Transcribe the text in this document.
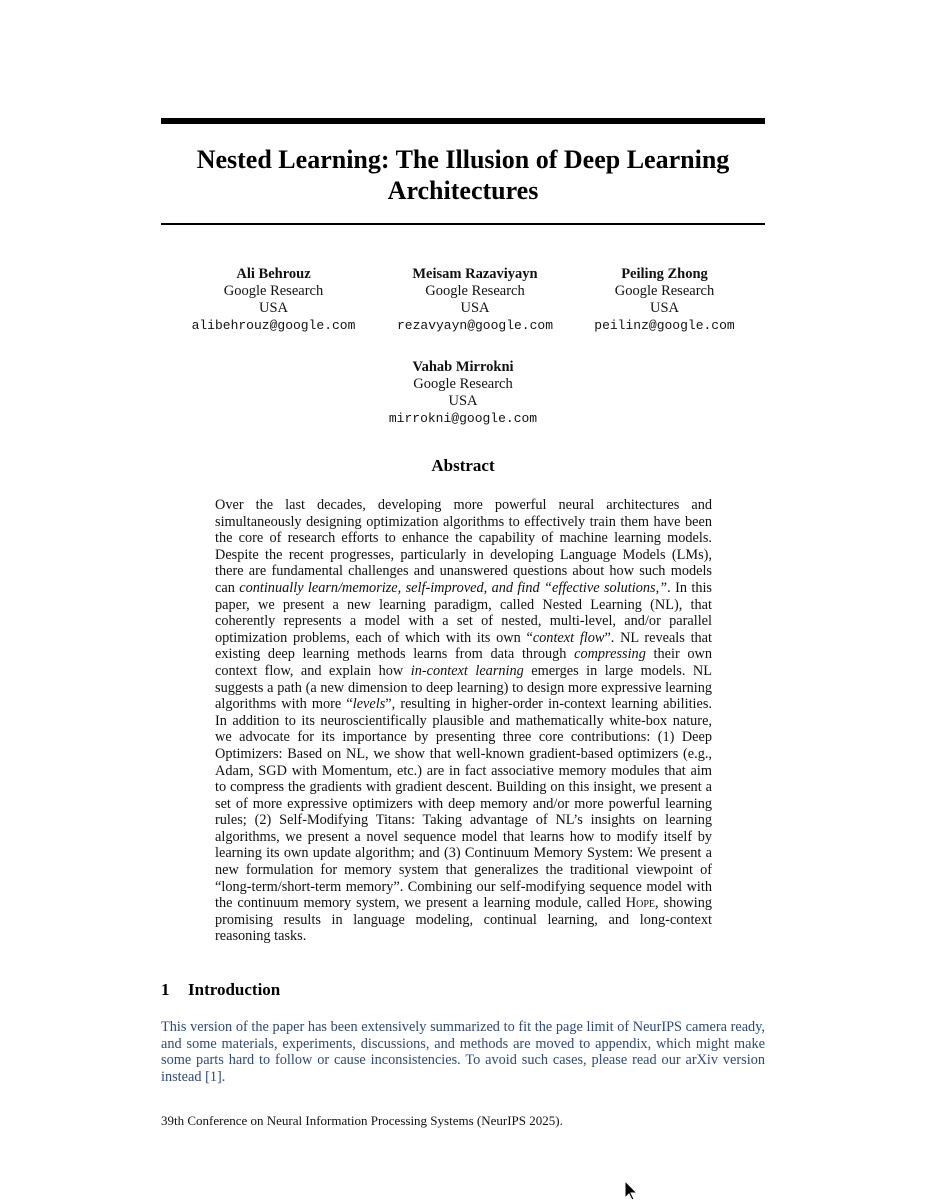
Nested Learning: The Illusion of Deep Learning
Architectures
Ali Behrouz
Google Research
USA
alibehrouz@google.com
Meisam Razaviyayn
Google Research
USA
rezavyayn@google.com
Peiling Zhong
Google Research
USA
peilinz@google.com
Vahab Mirrokni
Google Research
USA
mirrokni@google.com
Abstract

Over the last decades, developing more powerful neural architectures and simultaneously designing optimization algorithms to effectively train them have been the core of research efforts to enhance the capability of machine learning models. Despite the recent progresses, particularly in developing Language Models (LMs), there are fundamental challenges and unanswered questions about how such models can continually learn/memorize, self-improved, and find “effective solutions,”. In this paper, we present a new learning paradigm, called Nested Learning (NL), that coherently represents a model with a set of nested, multi-level, and/or parallel optimization problems, each of which with its own “context flow”. NL reveals that existing deep learning methods learns from data through compressing their own context flow, and explain how in-context learning emerges in large models. NL suggests a path (a new dimension to deep learning) to design more expressive learning algorithms with more “levels”, resulting in higher-order in-context learning abilities. In addition to its neuroscientifically plausible and mathematically white-box nature, we advocate for its importance by presenting three core contributions: (1) Deep Optimizers: Based on NL, we show that well-known gradient-based optimizers (e.g., Adam, SGD with Momentum, etc.) are in fact associative memory modules that aim to compress the gradients with gradient descent. Building on this insight, we present a set of more expressive optimizers with deep memory and/or more powerful learning rules; (2) Self-Modifying Titans: Taking advantage of NL’s insights on learning algorithms, we present a novel sequence model that learns how to modify itself by learning its own update algorithm; and (3) Continuum Memory System: We present a new formulation for memory system that generalizes the traditional viewpoint of “long-term/short-term memory”. Combining our self-modifying sequence model with the continuum memory system, we present a learning module, called Hope, showing promising results in language modeling, continual learning, and long-context reasoning tasks.

1 Introduction

This version of the paper has been extensively summarized to fit the page limit of NeurIPS camera ready, and some materials, experiments, discussions, and methods are moved to appendix, which might make some parts hard to follow or cause inconsistencies. To avoid such cases, please read our arXiv version instead [1].

39th Conference on Neural Information Processing Systems (NeurIPS 2025).
